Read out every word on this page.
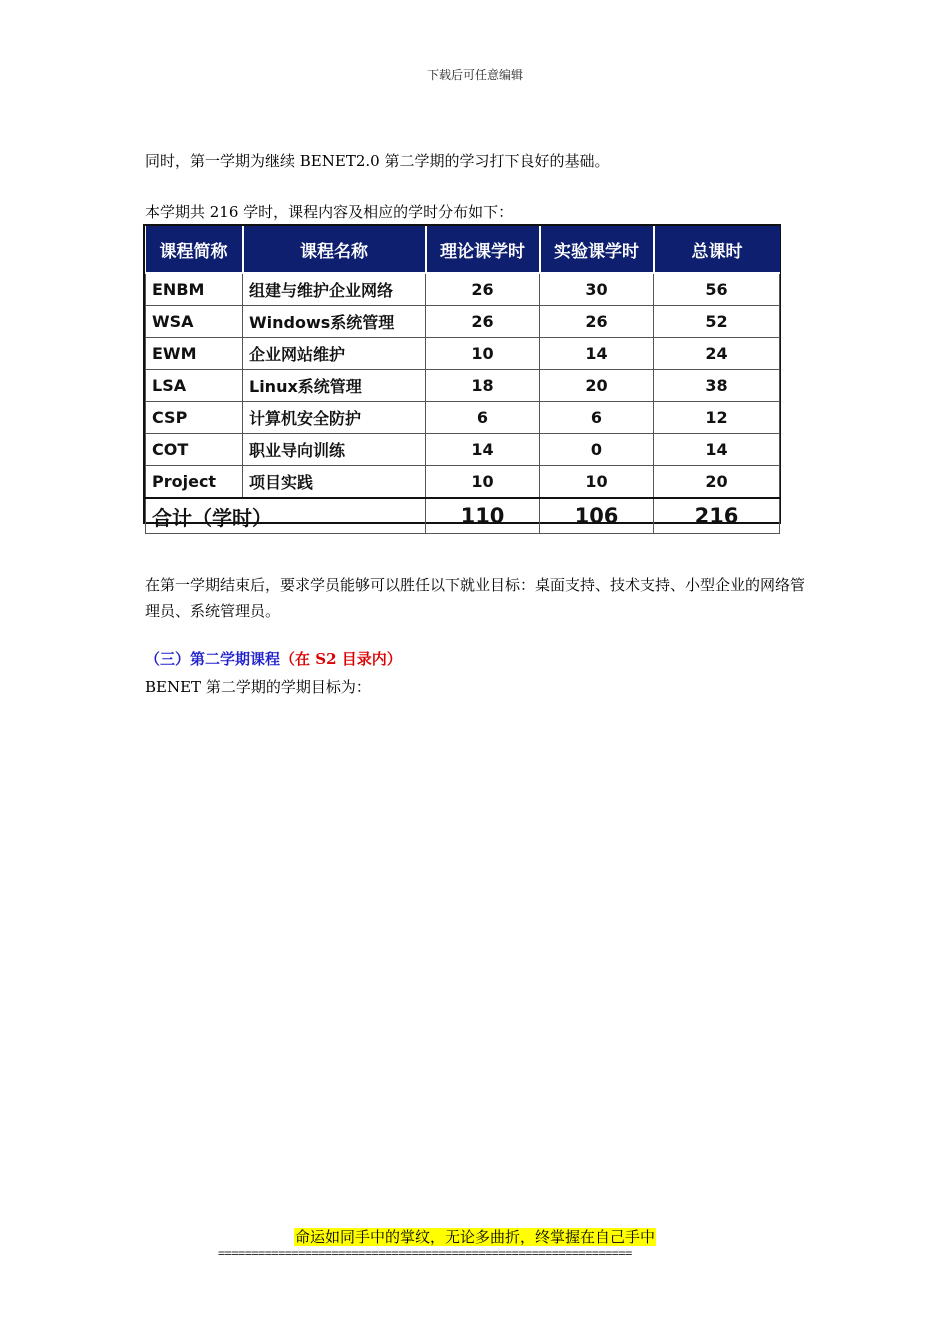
下载后可任意编辑
同时，第一学期为继续 BENET2.0 第二学期的学习打下良好的基础。
本学期共 216 学时，课程内容及相应的学时分布如下：
课程简称	课程名称	理论课学时	实验课学时	总课时
ENBM	组建与维护企业网络	26	30	56
WSA	Windows系统管理	26	26	52
EWM	企业网站维护	10	14	24
LSA	Linux系统管理	18	20	38
CSP	计算机安全防护	6	6	12
COT	职业导向训练	14	0	14
Project	项目实践	10	10	20
合计（学时）		110	106	216
在第一学期结束后，要求学员能够可以胜任以下就业目标：桌面支持、技术支持、小型企业的网络管理员、系统管理员。
（三）第二学期课程（在 S2 目录内）
BENET 第二学期的学期目标为：
命运如同手中的掌纹，无论多曲折，终掌握在自己手中
==============================================================
